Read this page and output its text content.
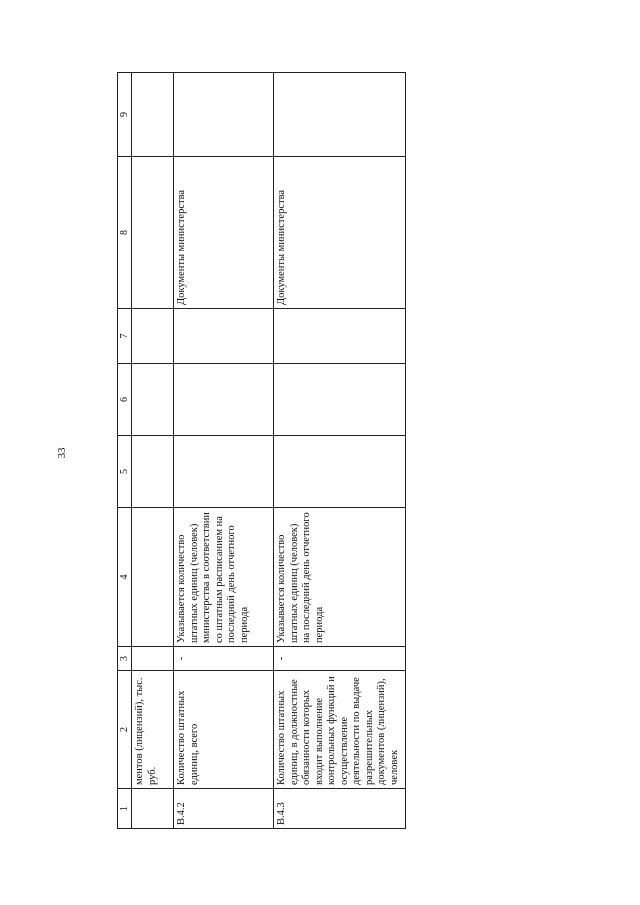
33
1	2	3	4	5	6	7	8	9
	ментов (лицензий), тыс. руб.							
В.4.2	Количество штатных единиц, всего	-	Указывается количество штатных единиц (человек) министерства в соответствии со штатным расписанием на последний день отчетного периода				Документы министерства	
В.4.3	Количество штатных единиц, в должностные обязанности которых входит выполнение контрольных функций и осуществление деятельности по выдаче разрешительных документов (лицензий), человек	-	Указывается количество штатных единиц (человек) на последний день отчетного периода				Документы министерства	
